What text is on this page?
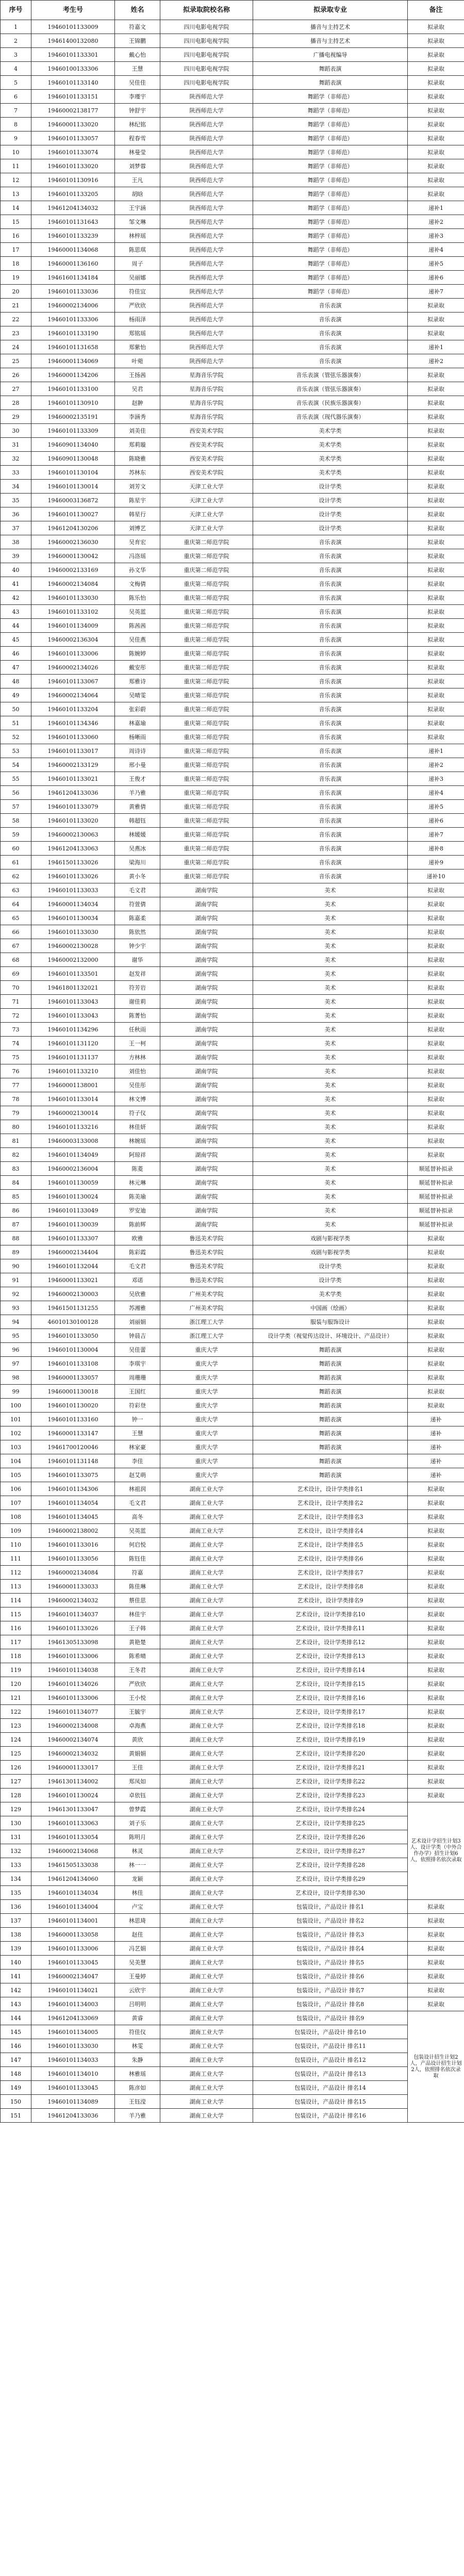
序号	考生号	姓名	拟录取院校名称	拟录取专业	备注
1	19460101133009	符嘉文	四川电影电视学院	播音与主持艺术	拟录取
2	19461400132080	王锦鹏	四川电影电视学院	播音与主持艺术	拟录取
3	19460101133301	戴心怡	四川电影电视学院	广播电视编导	拟录取
4	19460100133306	王慧	四川电影电视学院	舞蹈表演	拟录取
5	19460101133140	吴佳佳	四川电影电视学院	舞蹈表演	拟录取
6	19460101133151	李瑾宇	陕西师范大学	舞蹈学（非师范）	拟录取
7	19460002138177	钟舒宇	陕西师范大学	舞蹈学（非师范）	拟录取
8	19460001133020	林纪铭	陕西师范大学	舞蹈学（非师范）	拟录取
9	19460101133057	程春雪	陕西师范大学	舞蹈学（非师范）	拟录取
10	19460101133074	林曼莹	陕西师范大学	舞蹈学（非师范）	拟录取
11	19460101133020	刘梦蓉	陕西师范大学	舞蹈学（非师范）	拟录取
12	19460101130916	王凡	陕西师范大学	舞蹈学（非师范）	拟录取
13	19460101133205	胡晗	陕西师范大学	舞蹈学（非师范）	拟录取
14	19461204134032	王宇涵	陕西师范大学	舞蹈学（非师范）	递补1
15	19460101131643	邹文琳	陕西师范大学	舞蹈学（非师范）	递补2
16	19460101133239	林梓瑶	陕西师范大学	舞蹈学（非师范）	递补3
17	19460001134068	陈思琪	陕西师范大学	舞蹈学（非师范）	递补4
18	19460001136160	周子	陕西师范大学	舞蹈学（非师范）	递补5
19	19461601134184	吴丽娜	陕西师范大学	舞蹈学（非师范）	递补6
20	19460101133036	符佳宜	陕西师范大学	舞蹈学（非师范）	递补7
21	19460002134006	严欣欣	陕西师范大学	音乐表演	拟录取
22	19460101133306	杨雨泽	陕西师范大学	音乐表演	拟录取
23	19460101133190	郑铭瑶	陕西师范大学	音乐表演	拟录取
24	19460101131658	郑紫怡	陕西师范大学	音乐表演	递补1
25	19460001134069	叶菀	陕西师范大学	音乐表演	递补2
26	19460001134206	王扬茜	星海音乐学院	音乐表演（管弦乐器演奏）	拟录取
27	19460101133100	吴君	星海音乐学院	音乐表演（管弦乐器演奏）	拟录取
28	19460101130910	赵翀	星海音乐学院	音乐表演（民族乐器演奏）	拟录取
29	19460002135191	李涵秀	星海音乐学院	音乐表演（现代器乐演奏）	拟录取
30	19460101133309	刘美佳	西安美术学院	美术学类	拟录取
31	19460901134040	郑莉璇	西安美术学院	美术学类	拟录取
32	19460901130048	陈晓雅	西安美术学院	美术学类	拟录取
33	19460101130104	苏林东	西安美术学院	美术学类	拟录取
34	19460101130014	刘芳文	天津工业大学	设计学类	拟录取
35	19460003136872	陈星宇	天津工业大学	设计学类	拟录取
36	19460101130027	韩星行	天津工业大学	设计学类	拟录取
37	19461204130206	刘博艺	天津工业大学	设计学类	拟录取
38	19460002136030	吴育宏	重庆第二师范学院	音乐表演	拟录取
39	19460001130042	冯洛瑶	重庆第二师范学院	音乐表演	拟录取
40	19460002133169	孙文华	重庆第二师范学院	音乐表演	拟录取
41	19460002134084	文梅倩	重庆第二师范学院	音乐表演	拟录取
42	19460101133030	陈乐怡	重庆第二师范学院	音乐表演	拟录取
43	19460101133102	吴英蓝	重庆第二师范学院	音乐表演	拟录取
44	19460101134009	陈茜茜	重庆第二师范学院	音乐表演	拟录取
45	19460002136304	吴佳燕	重庆第二师范学院	音乐表演	拟录取
46	19460101133006	陈婉婷	重庆第二师范学院	音乐表演	拟录取
47	19460002134026	戴安彤	重庆第二师范学院	音乐表演	拟录取
48	19460101133067	郑雅诗	重庆第二师范学院	音乐表演	拟录取
49	19460002134064	吴晴雯	重庆第二师范学院	音乐表演	拟录取
50	19460101133204	张彩蔚	重庆第二师范学院	音乐表演	拟录取
51	19460101134346	林嘉瑜	重庆第二师范学院	音乐表演	拟录取
52	19460101133060	杨晰雨	重庆第二师范学院	音乐表演	拟录取
53	19460101133017	周诗诗	重庆第二师范学院	音乐表演	递补1
54	19460002133129	邢小曼	重庆第二师范学院	音乐表演	递补2
55	19460101133021	王俊才	重庆第二师范学院	音乐表演	递补3
56	19461204133036	羊乃雅	重庆第二师范学院	音乐表演	递补4
57	19460101133079	黄雅倩	重庆第二师范学院	音乐表演	递补5
58	19460101133020	韩超钰	重庆第二师范学院	音乐表演	递补6
59	19460002130063	林媛媛	重庆第二师范学院	音乐表演	递补7
60	19461204133063	吴燕冰	重庆第二师范学院	音乐表演	递补8
61	19461501133026	梁海川	重庆第二师范学院	音乐表演	递补9
62	19460101133026	黄小冬	重庆第二师范学院	音乐表演	递补10
63	19460101133033	毛文君	湖南学院	美术	拟录取
64	19460001134034	符萱倩	湖南学院	美术	拟录取
65	19460101130034	陈嘉柔	湖南学院	美术	拟录取
66	19460101133030	陈依然	湖南学院	美术	拟录取
67	19460002130028	钟少宇	湖南学院	美术	拟录取
68	19460002132000	谢华	湖南学院	美术	拟录取
69	19460101133501	赵发祥	湖南学院	美术	拟录取
70	19461801132021	符芳岩	湖南学院	美术	拟录取
71	19460101133043	谢佳莉	湖南学院	美术	拟录取
72	19460101133043	陈菁怡	湖南学院	美术	拟录取
73	19460101134296	任秋雨	湖南学院	美术	拟录取
74	19460101131120	王一柯	湖南学院	美术	拟录取
75	19460101131137	方林林	湖南学院	美术	拟录取
76	19460101133210	刘佳怡	湖南学院	美术	拟录取
77	19460001138001	吴佳彤	湖南学院	美术	拟录取
78	19460101133014	林文博	湖南学院	美术	拟录取
79	19460002130014	符子仪	湖南学院	美术	拟录取
80	19460101133216	林佳妍	湖南学院	美术	拟录取
81	19460003133008	林婉瑶	湖南学院	美术	拟录取
82	19460101134049	阿琼祥	湖南学院	美术	拟录取
83	19460002136004	陈菱	湖南学院	美术	顺延替补拟录
84	19460101130059	林元琳	湖南学院	美术	顺延替补拟录
85	19460101130024	陈美瑜	湖南学院	美术	顺延替补拟录
86	19460101133049	罗安迪	湖南学院	美术	顺延替补拟录
87	19460101130039	陈前辉	湖南学院	美术	顺延替补拟录
88	19460101133307	欧雅	鲁迅美术学院	戏剧与影视学类	拟录取
89	19460002134404	陈彩霞	鲁迅美术学院	戏剧与影视学类	拟录取
90	19460101132044	毛文君	鲁迅美术学院	设计学类	拟录取
91	19460001133021	邓诺	鲁迅美术学院	设计学类	拟录取
92	19460002130003	吴欣雅	广州美术学院	美术学类	拟录取
93	19461501131255	苏湘雅	广州美术学院	中国画（绘画）	拟录取
94	46010130100128	刘丽娟	浙江理工大学	服装与服饰设计	拟录取
95	19460101133050	钟晨吉	浙江理工大学	设计学类（视觉传达设计、环境设计、产品设计）	拟录取
96	19460101130004	吴佳蕾	重庆大学	舞蹈表演	拟录取
97	19460101133108	李琪宇	重庆大学	舞蹈表演	拟录取
98	19460001133057	周珊珊	重庆大学	舞蹈表演	拟录取
99	19460001130018	王国红	重庆大学	舞蹈表演	拟录取
100	19460101130020	符彩登	重庆大学	舞蹈表演	拟录取
101	19460101133160	钟一	重庆大学	舞蹈表演	递补
102	19460001133147	王慧	重庆大学	舞蹈表演	递补
103	19461700120046	林家豪	重庆大学	舞蹈表演	递补
104	19460101131148	李佳	重庆大学	舞蹈表演	递补
105	19460101133075	赵艾萌	重庆大学	舞蹈表演	递补
106	19460101134306	林祖润	湖南工业大学	艺术设计，设计学类排名1	拟录取
107	19460101134054	毛文君	湖南工业大学	艺术设计，设计学类排名2	拟录取
108	19460101134045	高冬	湖南工业大学	艺术设计，设计学类排名3	拟录取
109	19460002138002	吴英蓝	湖南工业大学	艺术设计，设计学类排名4	拟录取
110	19460101133016	何启悦	湖南工业大学	艺术设计，设计学类排名5	拟录取
111	19460101133056	陈钰佳	湖南工业大学	艺术设计，设计学类排名6	拟录取
112	19460002134084	符嘉	湖南工业大学	艺术设计，设计学类排名7	拟录取
113	19460001133033	陈佳琳	湖南工业大学	艺术设计，设计学类排名8	拟录取
114	19460002134032	蔡佳思	湖南工业大学	艺术设计，设计学类排名9	拟录取
115	19460101134037	林佳宇	湖南工业大学	艺术设计，设计学类排名10	拟录取
116	19460101133026	王子韩	湖南工业大学	艺术设计，设计学类排名11	拟录取
117	19461305133098	黄艳楚	湖南工业大学	艺术设计，设计学类排名12	拟录取
118	19460101133006	陈希晴	湖南工业大学	艺术设计，设计学类排名13	拟录取
119	19460101134038	王冬君	湖南工业大学	艺术设计，设计学类排名14	拟录取
120	19460101134026	严欣欣	湖南工业大学	艺术设计，设计学类排名15	拟录取
121	19460101133006	王小悦	湖南工业大学	艺术设计，设计学类排名16	拟录取
122	19460101134077	王毓宇	湖南工业大学	艺术设计，设计学类排名17	拟录取
123	19460002134008	卓海燕	湖南工业大学	艺术设计，设计学类排名18	拟录取
124	19460002134074	黄欣	湖南工业大学	艺术设计，设计学类排名19	拟录取
125	19460002134032	黄娟娟	湖南工业大学	艺术设计，设计学类排名20	拟录取
126	19460001133017	王佳	湖南工业大学	艺术设计，设计学类排名21	拟录取
127	19461301134002	郑凤如	湖南工业大学	艺术设计，设计学类排名22	拟录取
128	19460101130024	卓依钰	湖南工业大学	艺术设计，设计学类排名23	拟录取
129	19461301133047	曾梦霞	湖南工业大学	艺术设计，设计学类排名24	艺术设计学招生计划3人、设计学类（中外合作办学）招生计划6人，依照排名依次录取
130	19460101133063	刘子乐	湖南工业大学	艺术设计，设计学类排名25	
131	19460101133054	陈明月	湖南工业大学	艺术设计，设计学类排名26	
132	19460002134068	林灵	湖南工业大学	艺术设计，设计学类排名27	
133	19461505133038	林一一	湖南工业大学	艺术设计，设计学类排名28	
134	19461204134060	龙颖	湖南工业大学	艺术设计，设计学类排名29	
135	19460101134034	林佳	湖南工业大学	艺术设计，设计学类排名30	
136	19460101134004	卢宝	湖南工业大学	包装设计，产品设计 排名1	拟录取
137	19460101134001	林思琦	湖南工业大学	包装设计，产品设计 排名2	拟录取
138	19460001133058	赵佳	湖南工业大学	包装设计，产品设计 排名3	拟录取
139	19460101133006	冯艺娟	湖南工业大学	包装设计，产品设计 排名4	拟录取
140	19460101133045	吴美慧	湖南工业大学	包装设计，产品设计 排名5	拟录取
141	19460002134047	王曼婷	湖南工业大学	包装设计，产品设计 排名6	拟录取
142	19460101134021	云欣宇	湖南工业大学	包装设计，产品设计 排名7	拟录取
143	19460101134003	吕明明	湖南工业大学	包装设计，产品设计 排名8	拟录取
144	19461204133069	黄睿	湖南工业大学	包装设计，产品设计 排名9	包装设计招生计划2人，产品设计招生计划2人，依照排名依次录取
145	19460101134005	符佳仪	湖南工业大学	包装设计，产品设计 排名10	
146	19460101133030	林雯	湖南工业大学	包装设计，产品设计 排名11	
147	19460101134033	朱静	湖南工业大学	包装设计，产品设计 排名12	
148	19460101134010	林雅瑶	湖南工业大学	包装设计，产品设计 排名13	
149	19460101133045	陈彦如	湖南工业大学	包装设计，产品设计 排名14	
150	19460101134089	王钰滢	湖南工业大学	包装设计，产品设计 排名15	
151	19461204133036	羊乃雅	湖南工业大学	包装设计，产品设计 排名16	
